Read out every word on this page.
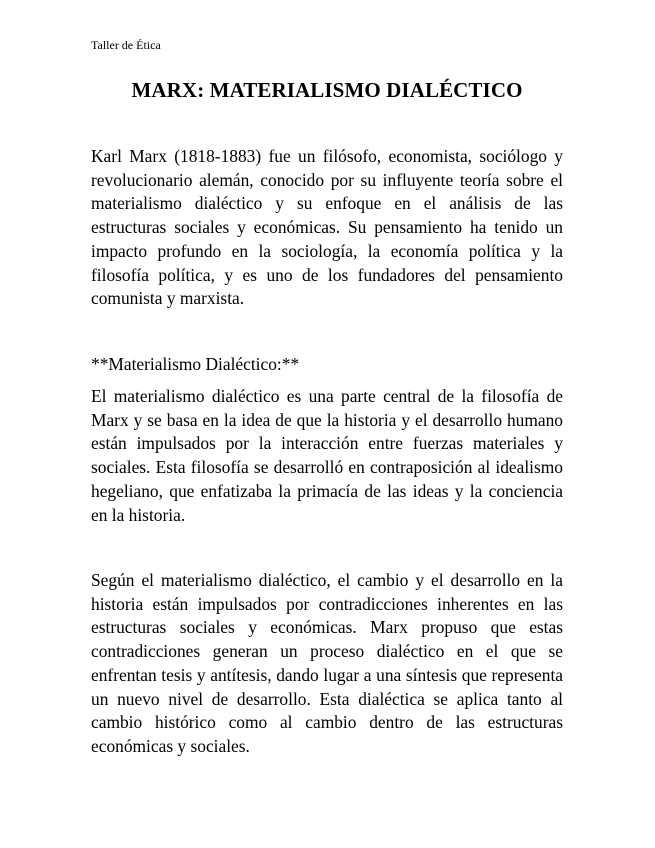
Taller de Ética
MARX: MATERIALISMO DIALÉCTICO

Karl Marx (1818-1883) fue un filósofo, economista, sociólogo y revolucionario alemán, conocido por su influyente teoría sobre el materialismo dialéctico y su enfoque en el análisis de las estructuras sociales y económicas. Su pensamiento ha tenido un impacto profundo en la sociología, la economía política y la filosofía política, y es uno de los fundadores del pensamiento comunista y marxista.

**Materialismo Dialéctico:**

El materialismo dialéctico es una parte central de la filosofía de Marx y se basa en la idea de que la historia y el desarrollo humano están impulsados por la interacción entre fuerzas materiales y sociales. Esta filosofía se desarrolló en contraposición al idealismo hegeliano, que enfatizaba la primacía de las ideas y la conciencia en la historia.

Según el materialismo dialéctico, el cambio y el desarrollo en la historia están impulsados por contradicciones inherentes en las estructuras sociales y económicas. Marx propuso que estas contradicciones generan un proceso dialéctico en el que se enfrentan tesis y antítesis, dando lugar a una síntesis que representa un nuevo nivel de desarrollo. Esta dialéctica se aplica tanto al cambio histórico como al cambio dentro de las estructuras económicas y sociales.
